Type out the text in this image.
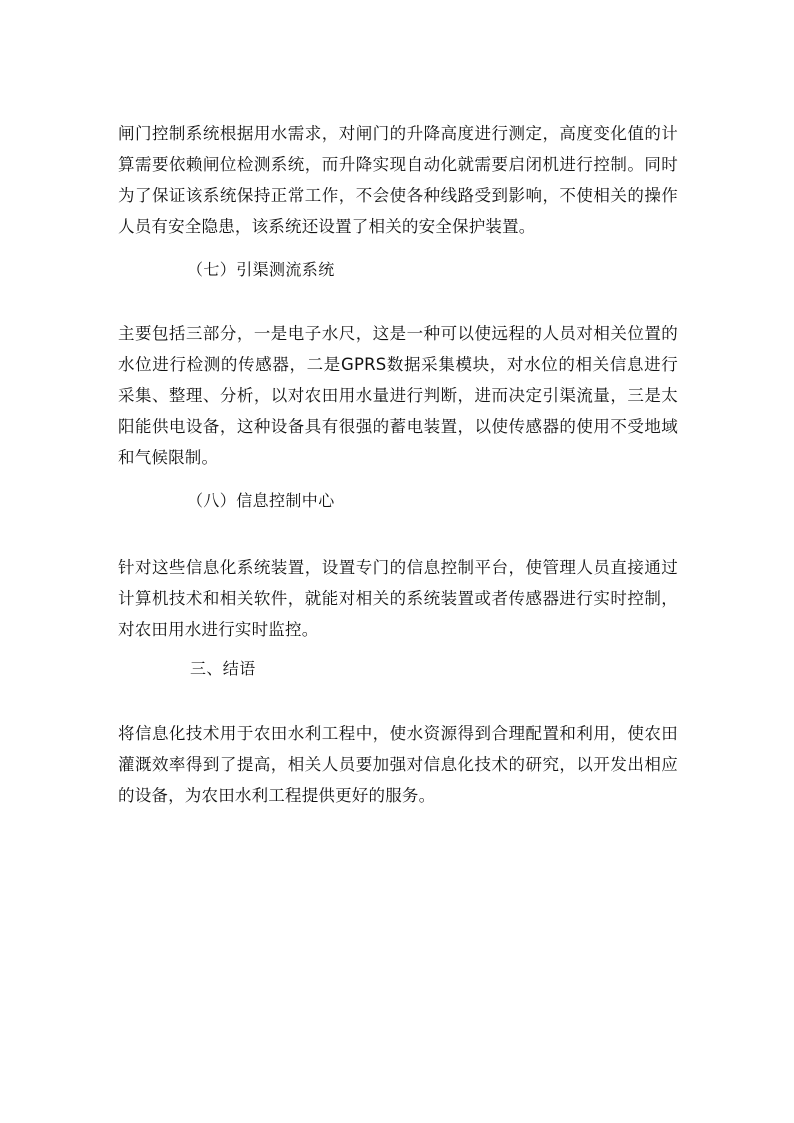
闸门控制系统根据用水需求，对闸门的升降高度进行测定，高度变化值的计算需要依赖闸位检测系统，而升降实现自动化就需要启闭机进行控制。同时为了保证该系统保持正常工作，不会使各种线路受到影响，不使相关的操作人员有安全隐患，该系统还设置了相关的安全保护装置。

（七）引渠测流系统

主要包括三部分，一是电子水尺，这是一种可以使远程的人员对相关位置的水位进行检测的传感器，二是GPRS数据采集模块，对水位的相关信息进行采集、整理、分析，以对农田用水量进行判断，进而决定引渠流量，三是太阳能供电设备，这种设备具有很强的蓄电装置，以使传感器的使用不受地域和气候限制。

（八）信息控制中心

针对这些信息化系统装置，设置专门的信息控制平台，使管理人员直接通过计算机技术和相关软件，就能对相关的系统装置或者传感器进行实时控制，对农田用水进行实时监控。

三、结语

将信息化技术用于农田水利工程中，使水资源得到合理配置和利用，使农田灌溉效率得到了提高，相关人员要加强对信息化技术的研究，以开发出相应的设备，为农田水利工程提供更好的服务。
